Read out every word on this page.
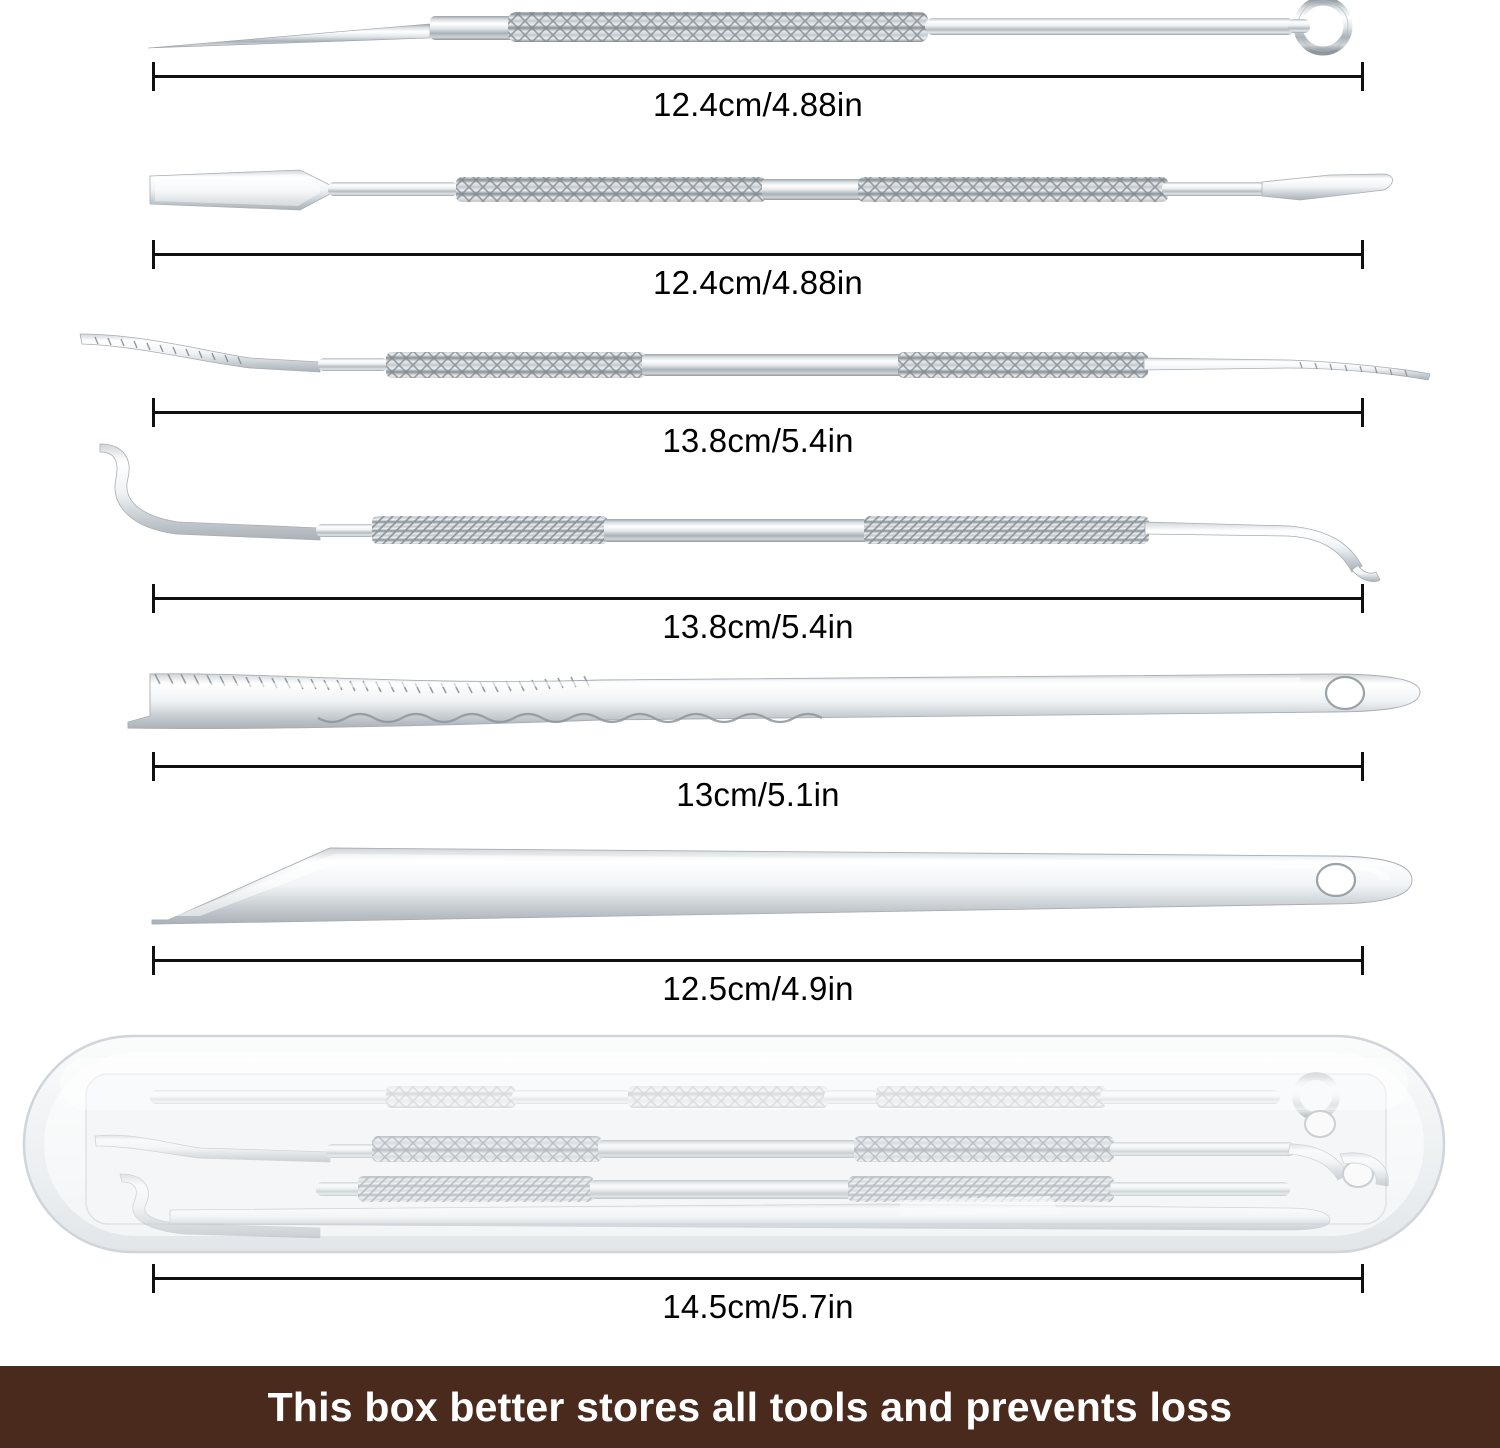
12.4cm/4.88in
12.4cm/4.88in
13.8cm/5.4in
13.8cm/5.4in
13cm/5.1in
12.5cm/4.9in
14.5cm/5.7in
This box better stores all tools and prevents loss
